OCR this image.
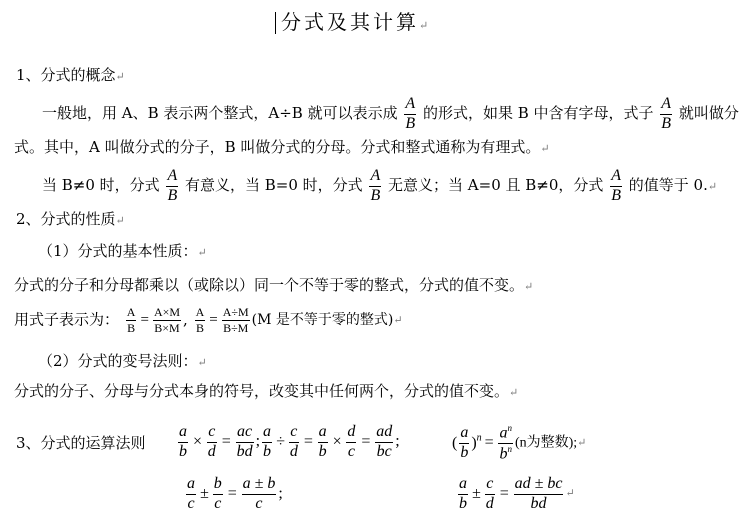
分式及其计算↵
1、分式的概念↵
一般地，用 A、B 表示两个整式，A÷B 就可以表示成 $\frac{A}{B}$ 的形式，如果 B 中含有字母，式子 $\frac{A}{B}$ 就叫做分
式。其中，A 叫做分式的分子，B 叫做分式的分母。分式和整式通称为有理式。↵
当 B≠0 时，分式 $\frac{A}{B}$ 有意义，当 B=0 时，分式 $\frac{A}{B}$ 无意义；当 A=0 且 B≠0，分式 $\frac{A}{B}$ 的值等于 0.↵
2、分式的性质↵
（1）分式的基本性质：↵
分式的分子和分母都乘以（或除以）同一个不等于零的整式，分式的值不变。↵
用式子表示为： $\frac{A}{B} = \frac{A\times M}{B\times M}$ , $\frac{A}{B} = \frac{A\div M}{B\div M} (M$ 是不等于零的整式)↵
（2）分式的变号法则：↵
分式的分子、分母与分式本身的符号，改变其中任何两个，分式的值不变。↵
3、分式的运算法则 $\frac{a}{b} \times \frac{c}{d} = \frac{ac}{bd}$ ; $\frac{a}{b} \div \frac{c}{d} = \frac{a}{b} \times \frac{d}{c} = \frac{ad}{bc}$ ;	( $\frac{a}{b} )^n = \frac{a^n}{b^n} (n$为整数);↵
$\frac{a}{c} \pm \frac{b}{c} = \frac{a \pm b}{c}$ ;	$\frac{a}{b} \pm \frac{c}{d} = \frac{ad \pm bc}{bd}$ ↵
